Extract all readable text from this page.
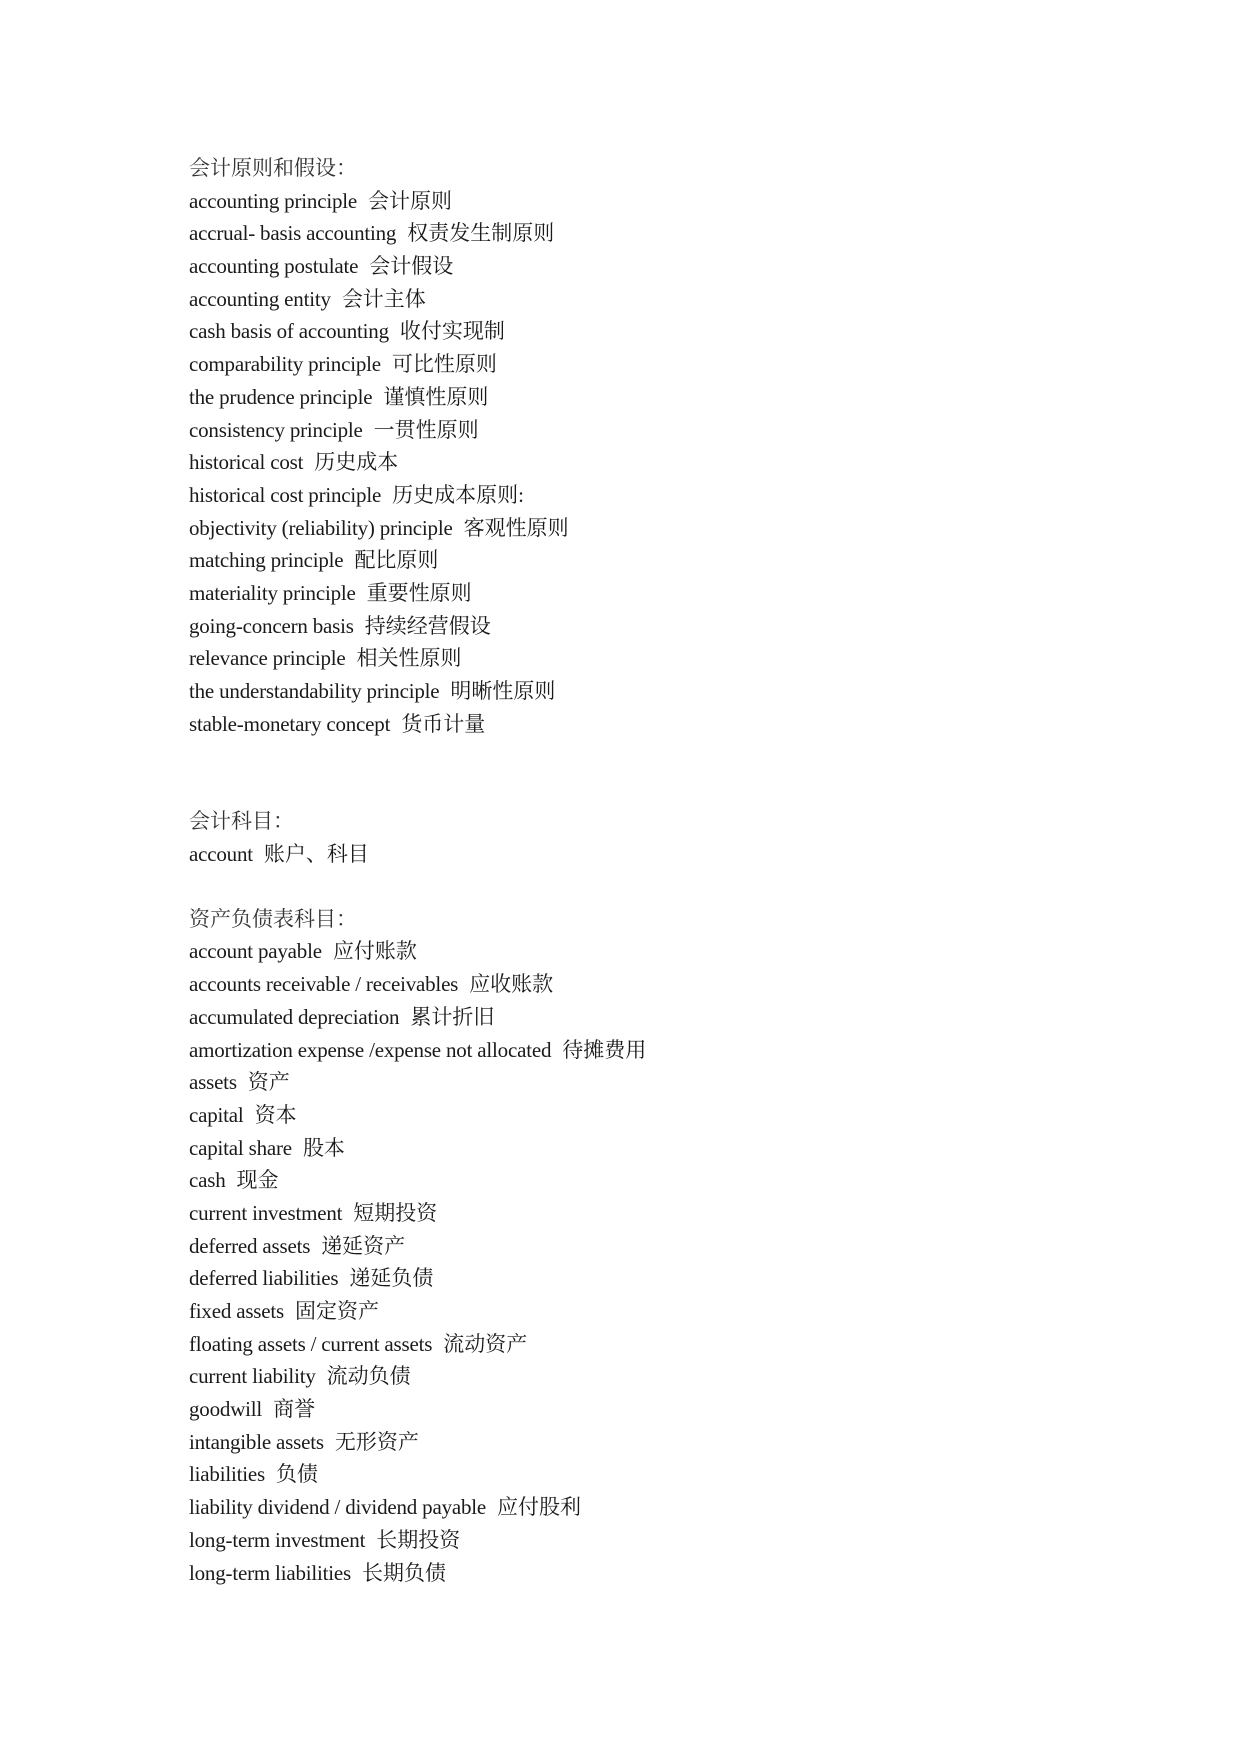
会计原则和假设：
accounting principle 会计原则
accrual- basis accounting 权责发生制原则
accounting postulate 会计假设
accounting entity 会计主体
cash basis of accounting 收付实现制
comparability principle 可比性原则
the prudence principle 谨慎性原则
consistency principle 一贯性原则
historical cost 历史成本
historical cost principle 历史成本原则:
objectivity (reliability) principle 客观性原则
matching principle 配比原则
materiality principle 重要性原则
going-concern basis 持续经营假设
relevance principle 相关性原则
the understandability principle 明晰性原则
stable-monetary concept 货币计量
会计科目：
account 账户、科目
资产负债表科目：
account payable 应付账款
accounts receivable / receivables 应收账款
accumulated depreciation 累计折旧
amortization expense /expense not allocated 待摊费用
assets 资产
capital 资本
capital share 股本
cash 现金
current investment 短期投资
deferred assets 递延资产
deferred liabilities 递延负债
fixed assets 固定资产
floating assets / current assets 流动资产
current liability 流动负债
goodwill 商誉
intangible assets 无形资产
liabilities 负债
liability dividend / dividend payable 应付股利
long-term investment 长期投资
long-term liabilities 长期负债
